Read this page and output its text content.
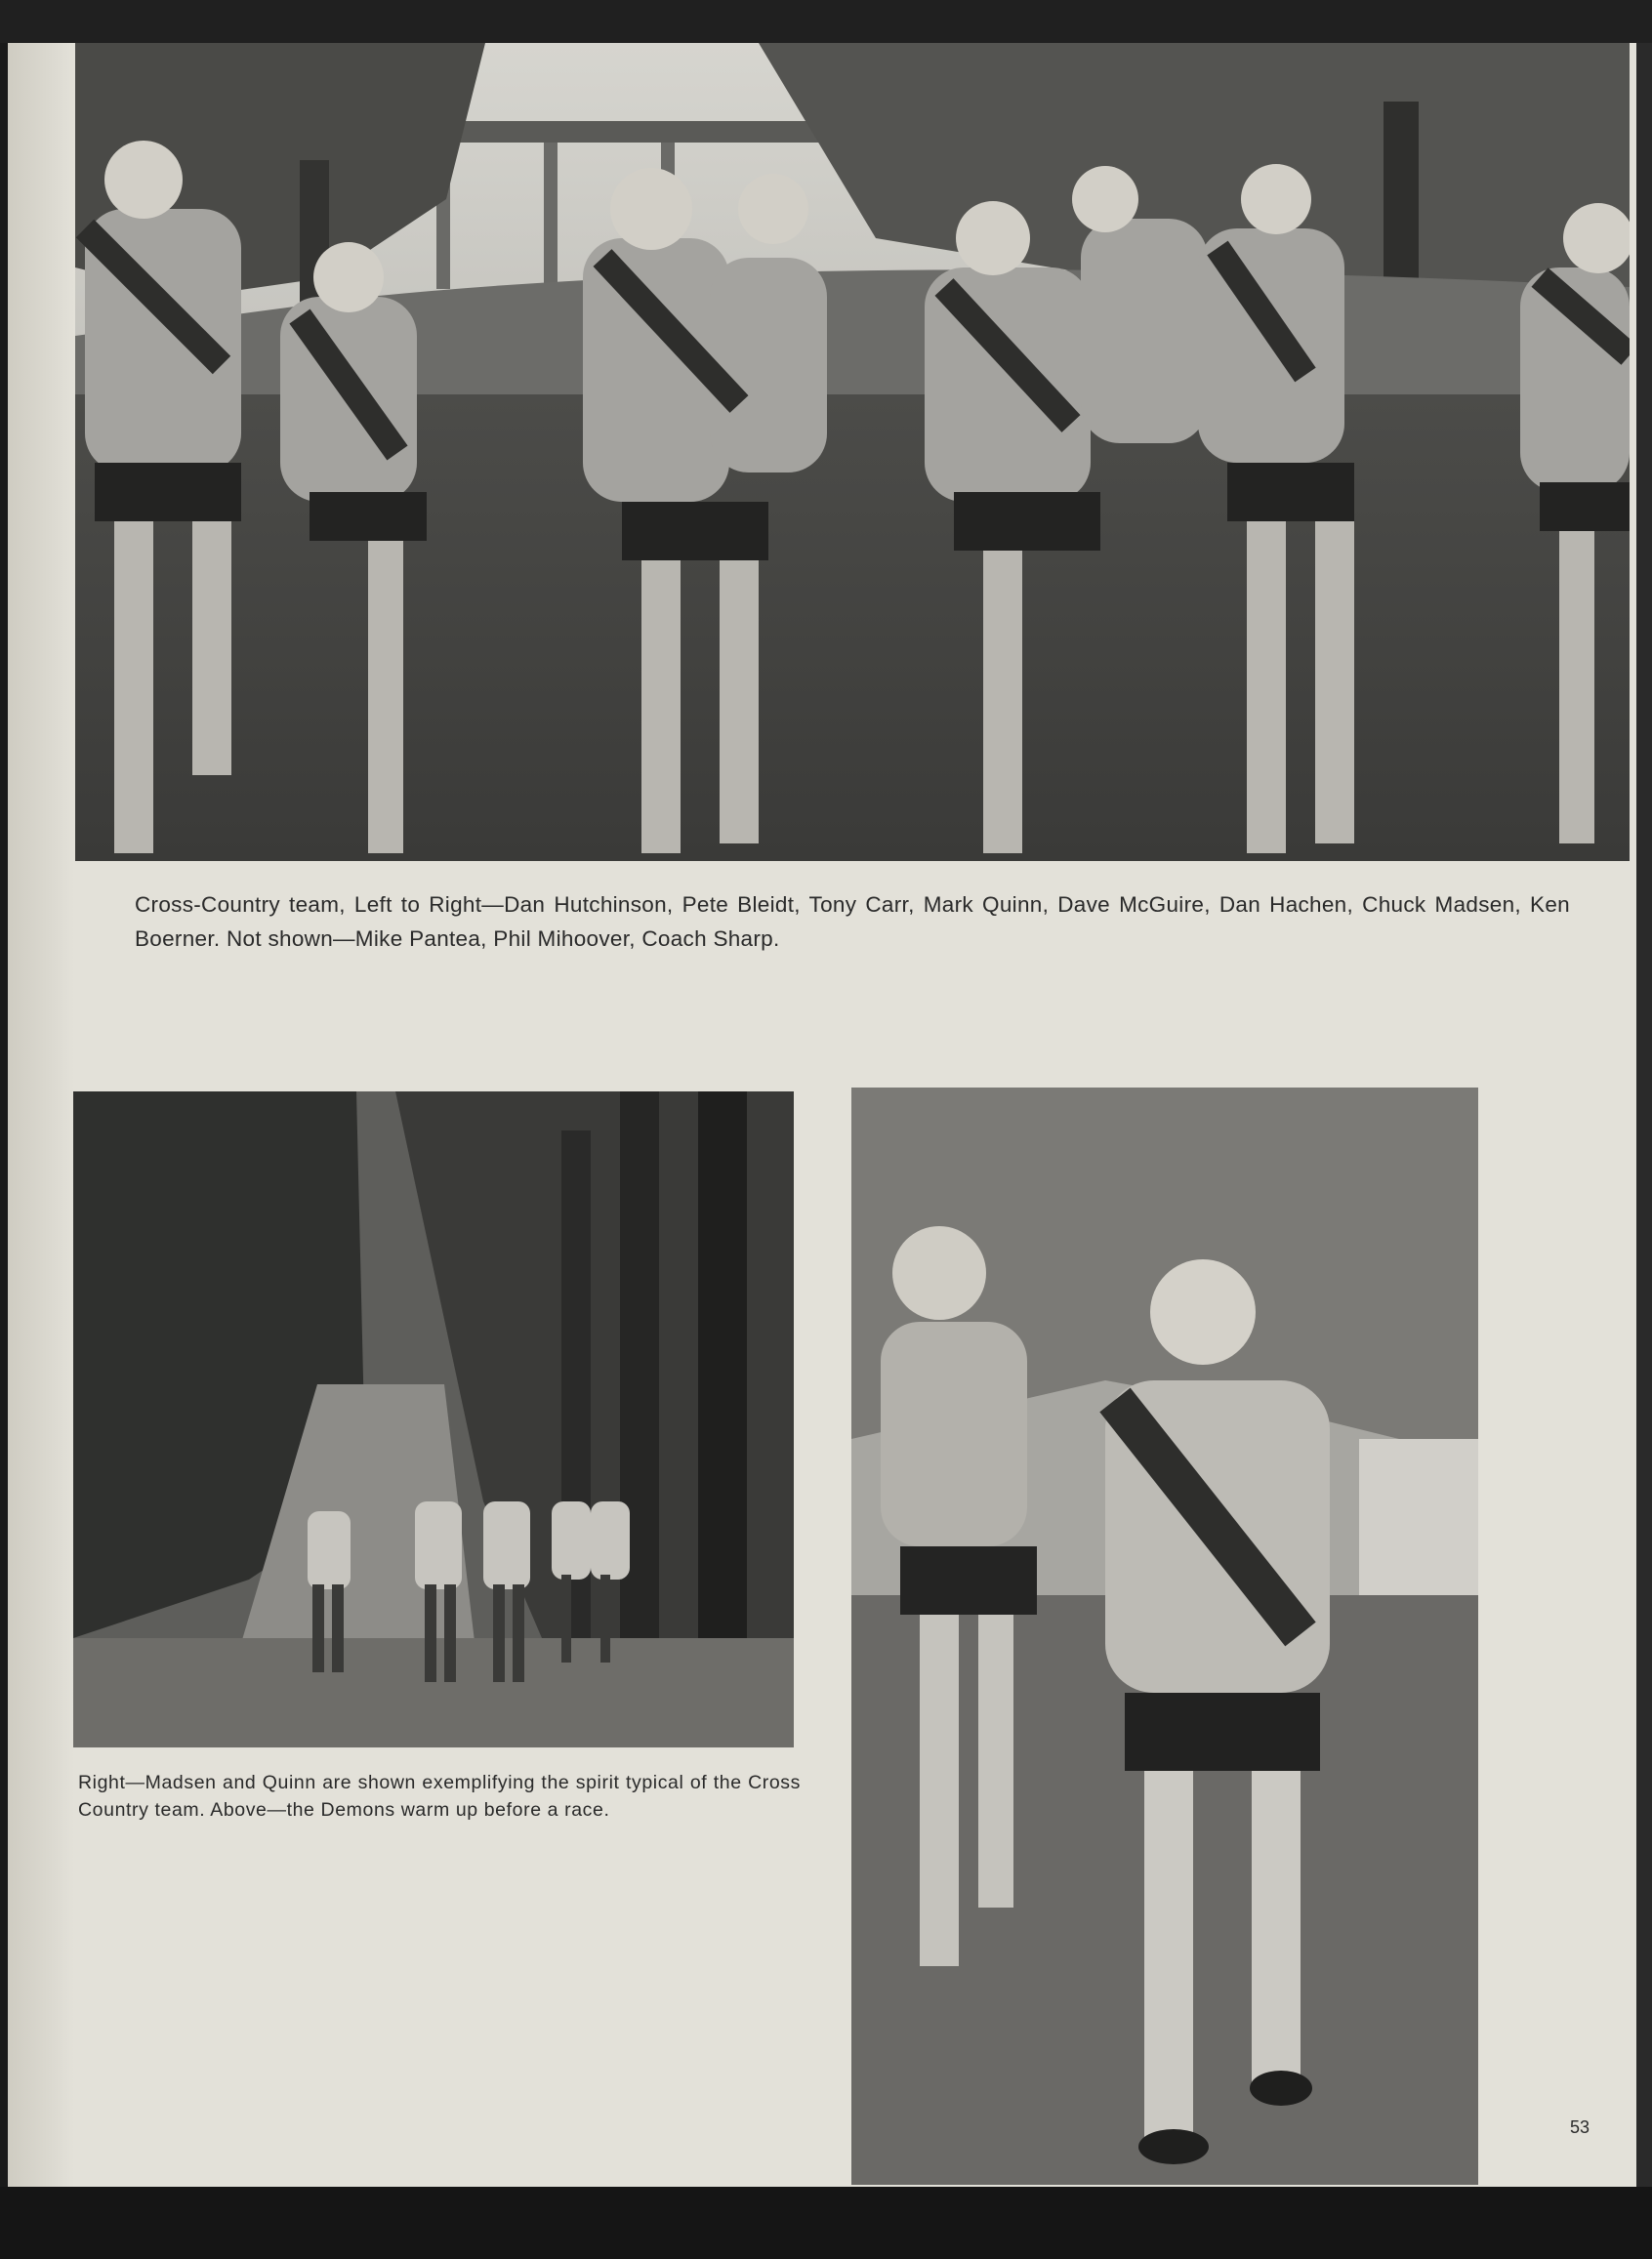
Cross-Country team, Left to Right—Dan Hutchinson, Pete Bleidt, Tony Carr, Mark Quinn, Dave McGuire, Dan Hachen, Chuck Madsen, Ken Boerner. Not shown—Mike Pantea, Phil Mihoover, Coach Sharp.

Right—Madsen and Quinn are shown exemplifying the spirit typical of the Cross Country team. Above—the Demons warm up before a race.

53
